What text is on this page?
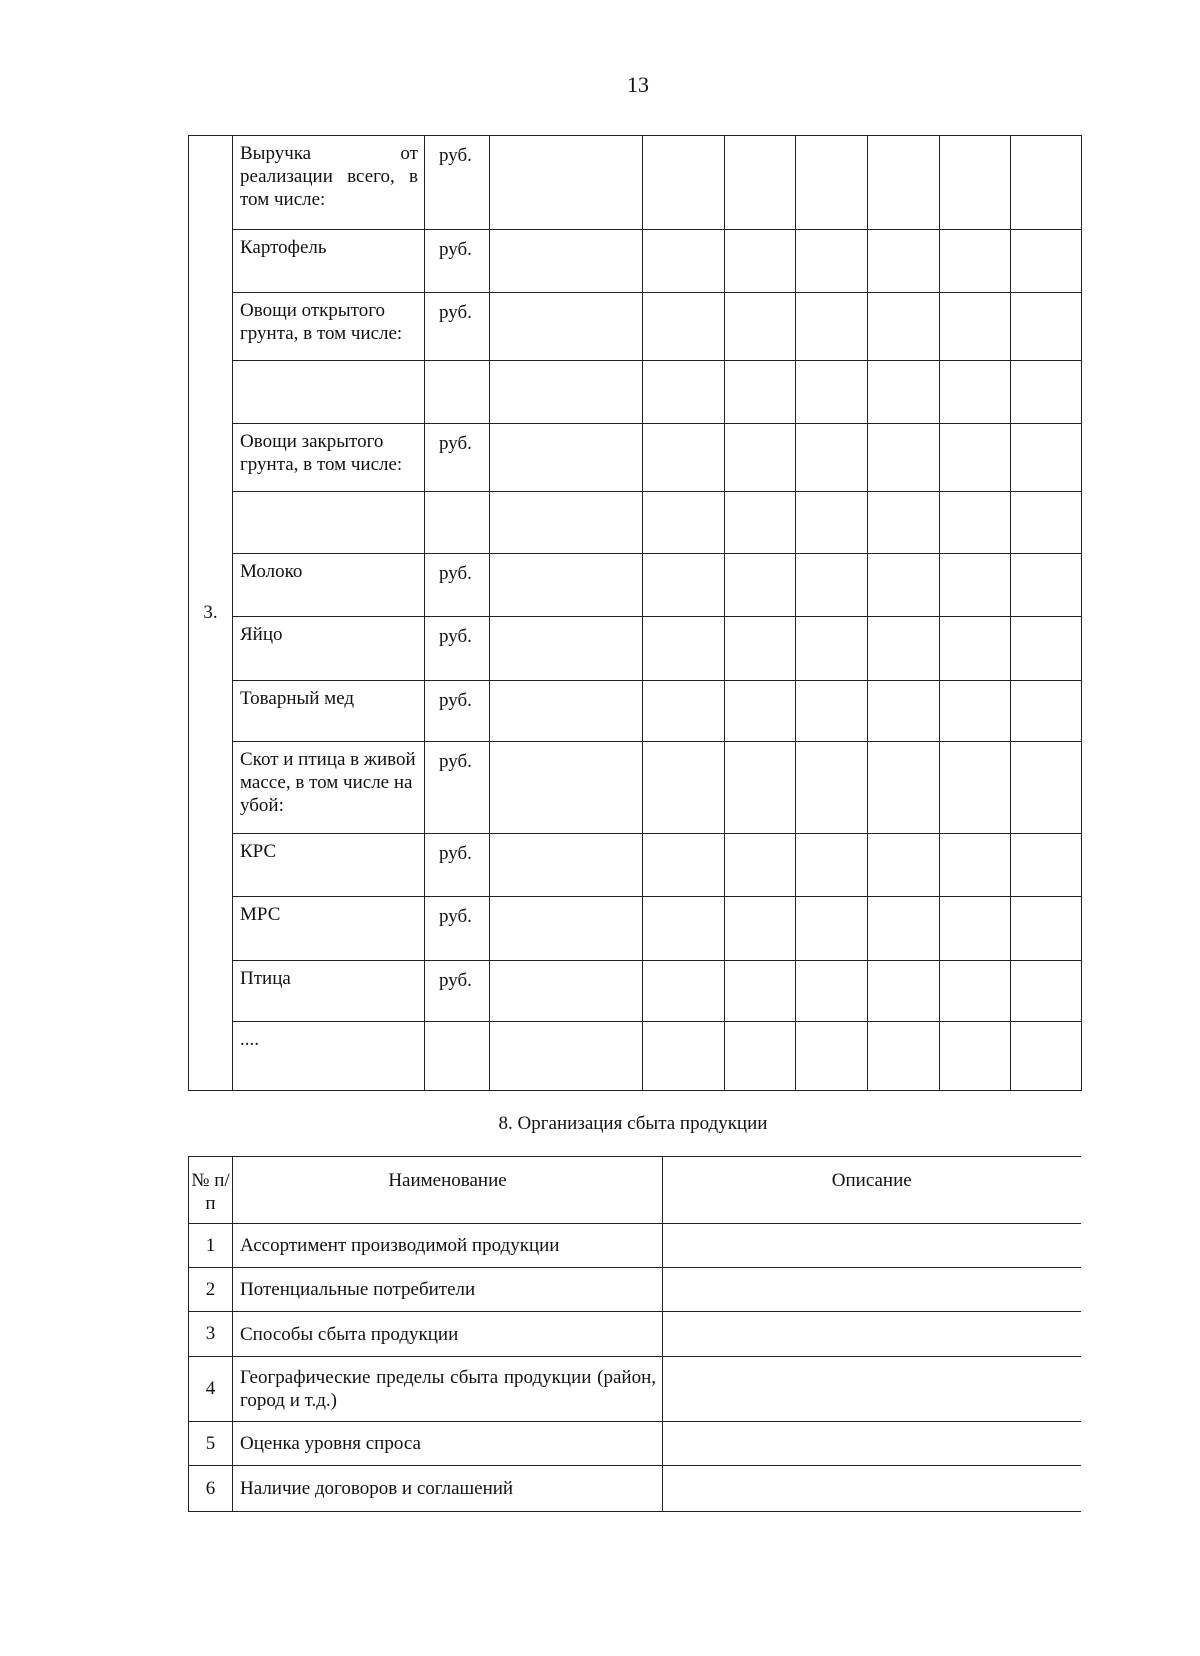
13
3.	Выручка от реализации всего, в том числе:	руб.							
	Картофель	руб.							
	Овощи открытого грунта, в том числе:	руб.							

	Овощи закрытого грунта, в том числе:	руб.							

	Молоко	руб.							
	Яйцо	руб.							
	Товарный мед	руб.							
	Скот и птица в живой массе, в том числе на убой:	руб.							
	КРС	руб.							
	МРС	руб.							
	Птица	руб.							
	....								
8. Организация сбыта продукции
№ п/п	Наименование	Описание
1	Ассортимент производимой продукции	
2	Потенциальные потребители	
3	Способы сбыта продукции	
4	Географические пределы сбыта продукции (район, город и т.д.)	
5	Оценка уровня спроса	
6	Наличие договоров и соглашений	
